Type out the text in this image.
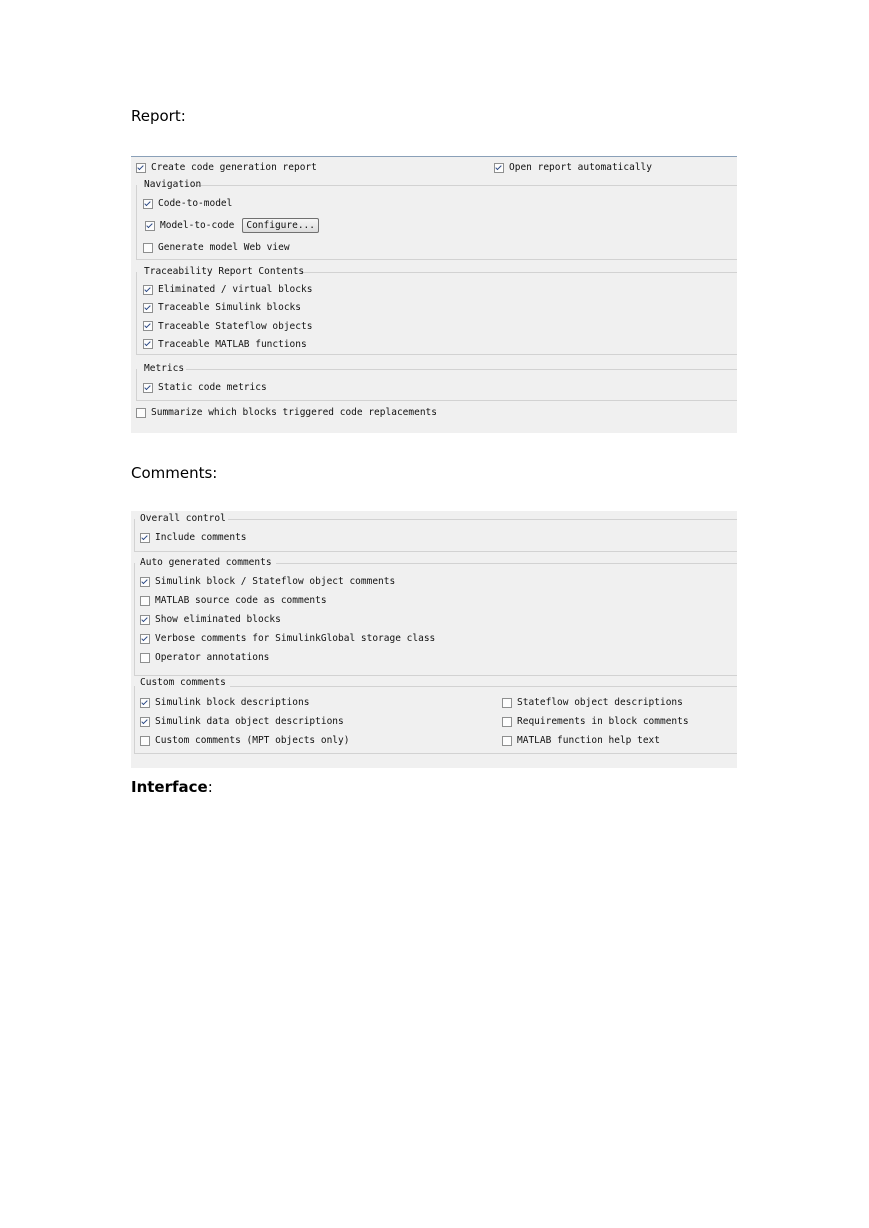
Report:
Comments:
Interface:
Create code generation report	Open report automatically
Navigation
Code-to-model
Model-to-code	Configure...
Generate model Web view
Traceability Report Contents
Eliminated / virtual blocks
Traceable Simulink blocks
Traceable Stateflow objects
Traceable MATLAB functions
Metrics
Static code metrics
Summarize which blocks triggered code replacements
Overall control
Include comments
Auto generated comments
Simulink block / Stateflow object comments
MATLAB source code as comments
Show eliminated blocks
Verbose comments for SimulinkGlobal storage class
Operator annotations
Custom comments
Simulink block descriptions
Simulink data object descriptions
Custom comments (MPT objects only)
Stateflow object descriptions
Requirements in block comments
MATLAB function help text
